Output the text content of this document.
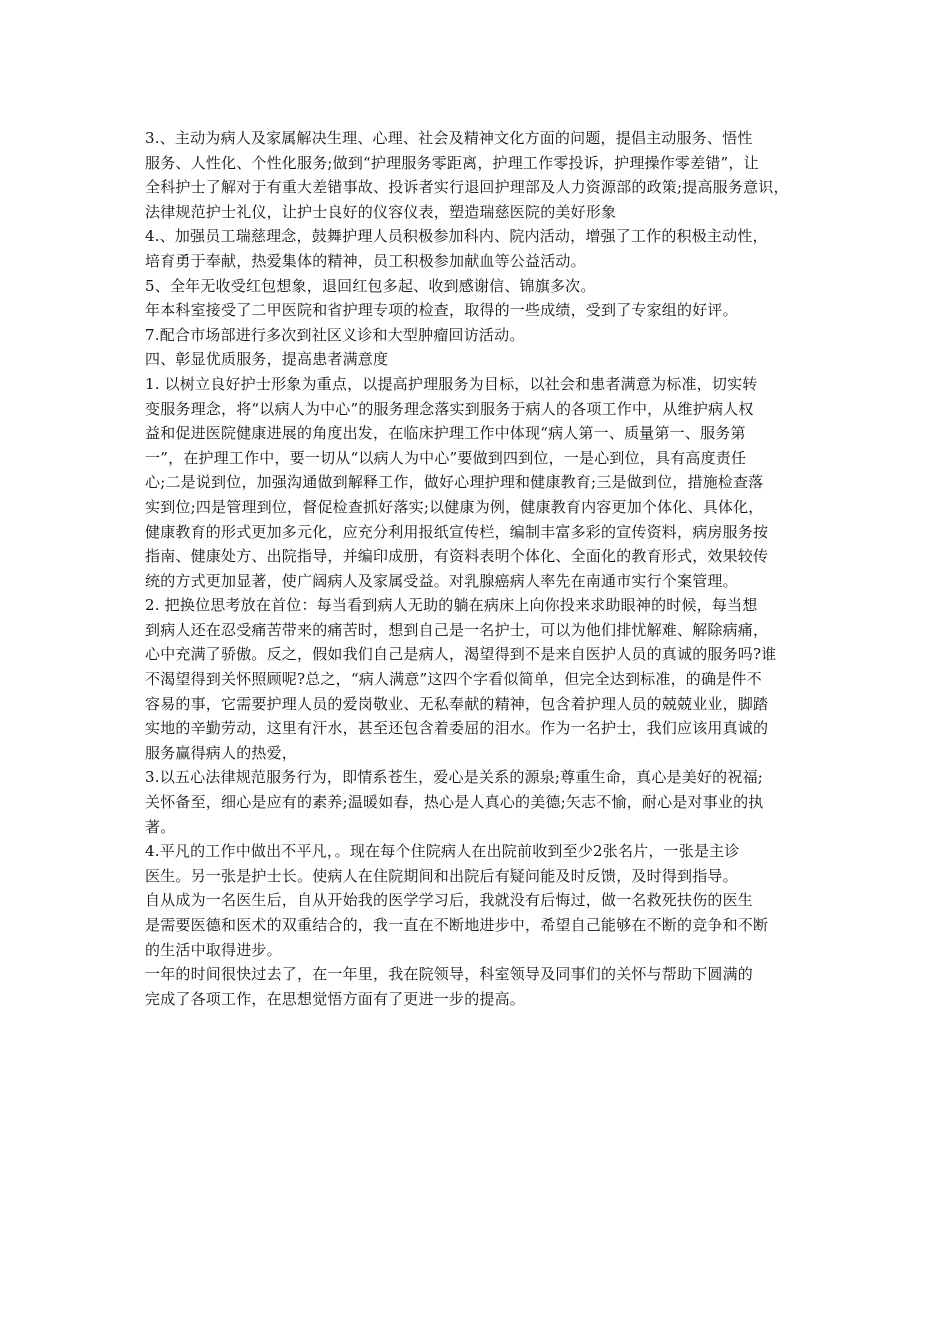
3.、主动为病人及家属解决生理、心理、社会及精神文化方面的问题，提倡主动服务、悟性
服务、人性化、个性化服务;做到“护理服务零距离，护理工作零投诉，护理操作零差错”，让
全科护士了解对于有重大差错事故、投诉者实行退回护理部及人力资源部的政策;提高服务意识，
法律规范护士礼仪，让护士良好的仪容仪表，塑造瑞慈医院的美好形象
4.、加强员工瑞慈理念，鼓舞护理人员积极参加科内、院内活动，增强了工作的积极主动性，
培育勇于奉献，热爱集体的精神，员工积极参加献血等公益活动。
5、全年无收受红包想象，退回红包多起、收到感谢信、锦旗多次。
年本科室接受了二甲医院和省护理专项的检查，取得的一些成绩，受到了专家组的好评。
7.配合市场部进行多次到社区义诊和大型肿瘤回访活动。
四、彰显优质服务，提高患者满意度
1. 以树立良好护士形象为重点，以提高护理服务为目标，以社会和患者满意为标准，切实转
变服务理念，将“以病人为中心”的服务理念落实到服务于病人的各项工作中，从维护病人权
益和促进医院健康进展的角度出发，在临床护理工作中体现“病人第一、质量第一、服务第
一”，在护理工作中，要一切从“以病人为中心”要做到四到位，一是心到位，具有高度责任
心;二是说到位，加强沟通做到解释工作，做好心理护理和健康教育;三是做到位，措施检查落
实到位;四是管理到位，督促检查抓好落实;以健康为例，健康教育内容更加个体化、具体化，
健康教育的形式更加多元化，应充分利用报纸宣传栏，编制丰富多彩的宣传资料，病房服务按
指南、健康处方、出院指导，并编印成册，有资料表明个体化、全面化的教育形式，效果较传
统的方式更加显著，使广阔病人及家属受益。对乳腺癌病人率先在南通市实行个案管理。
2. 把换位思考放在首位：每当看到病人无助的躺在病床上向你投来求助眼神的时候，每当想
到病人还在忍受痛苦带来的痛苦时，想到自己是一名护士，可以为他们排忧解难、解除病痛，
心中充满了骄傲。反之，假如我们自己是病人，渴望得到不是来自医护人员的真诚的服务吗?谁
不渴望得到关怀照顾呢?总之，“病人满意”这四个字看似简单，但完全达到标准，的确是件不
容易的事，它需要护理人员的爱岗敬业、无私奉献的精神，包含着护理人员的兢兢业业，脚踏
实地的辛勤劳动，这里有汗水，甚至还包含着委屈的泪水。作为一名护士，我们应该用真诚的
服务赢得病人的热爱，
3.以五心法律规范服务行为，即情系苍生，爱心是关系的源泉;尊重生命，真心是美好的祝福;
关怀备至，细心是应有的素养;温暖如春，热心是人真心的美德;矢志不愉，耐心是对事业的执
著。
4.平凡的工作中做出不平凡，。现在每个住院病人在出院前收到至少2张名片，一张是主诊
医生。另一张是护士长。使病人在住院期间和出院后有疑问能及时反馈，及时得到指导。
自从成为一名医生后，自从开始我的医学学习后，我就没有后悔过，做一名救死扶伤的医生
是需要医德和医术的双重结合的，我一直在不断地进步中，希望自己能够在不断的竞争和不断
的生活中取得进步。
一年的时间很快过去了，在一年里，我在院领导，科室领导及同事们的关怀与帮助下圆满的
完成了各项工作，在思想觉悟方面有了更进一步的提高。
